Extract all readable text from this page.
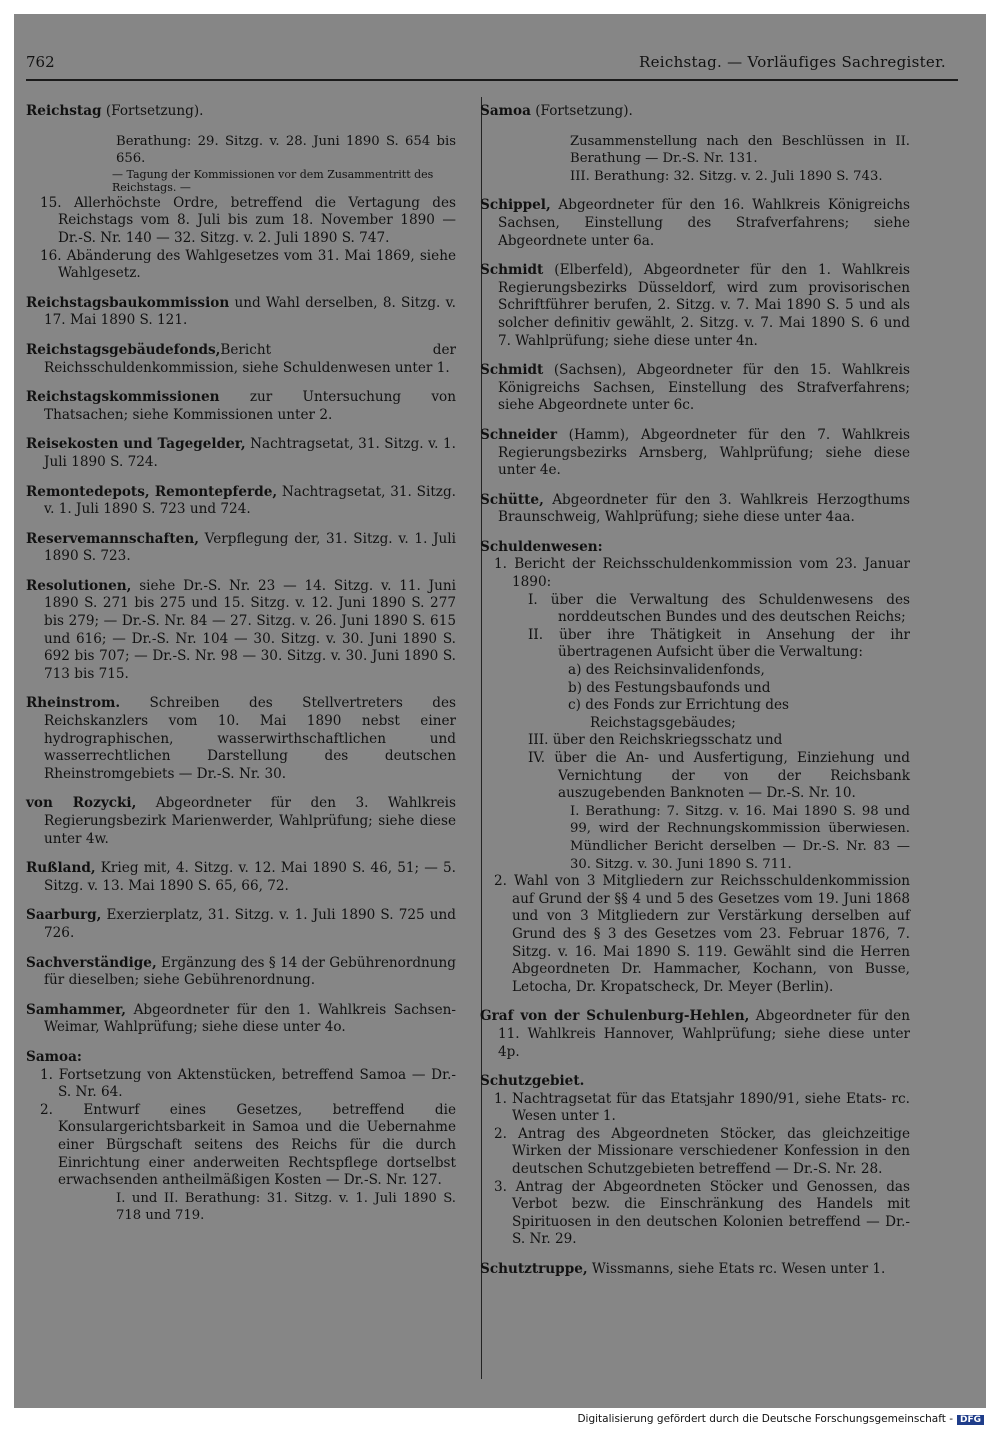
762	Reichstag. — Vorläufiges Sachregister.

Reichstag (Fortsetzung).

Berathung: 29. Sitzg. v. 28. Juni 1890 S. 654 bis 656.

— Tagung der Kommissionen vor dem Zusammentritt des Reichstags. —

15. Allerhöchste Ordre, betreffend die Vertagung des Reichstags vom 8. Juli bis zum 18. November 1890 — Dr.-S. Nr. 140 — 32. Sitzg. v. 2. Juli 1890 S. 747.

16. Abänderung des Wahlgesetzes vom 31. Mai 1869, siehe Wahlgesetz.

Reichstagsbaukommission und Wahl derselben, 8. Sitzg. v. 17. Mai 1890 S. 121.

Reichstagsgebäudefonds,Bericht der Reichsschuldenkommission, siehe Schuldenwesen unter 1.

Reichstagskommissionen zur Untersuchung von Thatsachen; siehe Kommissionen unter 2.

Reisekosten und Tagegelder, Nachtragsetat, 31. Sitzg. v. 1. Juli 1890 S. 724.

Remontedepots, Remontepferde, Nachtragsetat, 31. Sitzg. v. 1. Juli 1890 S. 723 und 724.

Reservemannschaften, Verpflegung der, 31. Sitzg. v. 1. Juli 1890 S. 723.

Resolutionen, siehe Dr.-S. Nr. 23 — 14. Sitzg. v. 11. Juni 1890 S. 271 bis 275 und 15. Sitzg. v. 12. Juni 1890 S. 277 bis 279; — Dr.-S. Nr. 84 — 27. Sitzg. v. 26. Juni 1890 S. 615 und 616; — Dr.-S. Nr. 104 — 30. Sitzg. v. 30. Juni 1890 S. 692 bis 707; — Dr.-S. Nr. 98 — 30. Sitzg. v. 30. Juni 1890 S. 713 bis 715.

Rheinstrom. Schreiben des Stellvertreters des Reichskanzlers vom 10. Mai 1890 nebst einer hydrographischen, wasserwirthschaftlichen und wasserrechtlichen Darstellung des deutschen Rheinstromgebiets — Dr.-S. Nr. 30.

von Rozycki, Abgeordneter für den 3. Wahlkreis Regierungsbezirk Marienwerder, Wahlprüfung; siehe diese unter 4w.

Rußland, Krieg mit, 4. Sitzg. v. 12. Mai 1890 S. 46, 51; — 5. Sitzg. v. 13. Mai 1890 S. 65, 66, 72.

Saarburg, Exerzierplatz, 31. Sitzg. v. 1. Juli 1890 S. 725 und 726.

Sachverständige, Ergänzung des § 14 der Gebührenordnung für dieselben; siehe Gebührenordnung.

Samhammer, Abgeordneter für den 1. Wahlkreis Sachsen-Weimar, Wahlprüfung; siehe diese unter 4o.

Samoa:

1. Fortsetzung von Aktenstücken, betreffend Samoa — Dr.-S. Nr. 64.

2. Entwurf eines Gesetzes, betreffend die Konsulargerichtsbarkeit in Samoa und die Uebernahme einer Bürgschaft seitens des Reichs für die durch Einrichtung einer anderweiten Rechtspflege dortselbst erwachsenden antheilmäßigen Kosten — Dr.-S. Nr. 127.

I. und II. Berathung: 31. Sitzg. v. 1. Juli 1890 S. 718 und 719.

Samoa (Fortsetzung).

Zusammenstellung nach den Beschlüssen in II. Berathung — Dr.-S. Nr. 131.

III. Berathung: 32. Sitzg. v. 2. Juli 1890 S. 743.

Schippel, Abgeordneter für den 16. Wahlkreis Königreichs Sachsen, Einstellung des Strafverfahrens; siehe Abgeordnete unter 6a.

Schmidt (Elberfeld), Abgeordneter für den 1. Wahlkreis Regierungsbezirks Düsseldorf, wird zum provisorischen Schriftführer berufen, 2. Sitzg. v. 7. Mai 1890 S. 5 und als solcher definitiv gewählt, 2. Sitzg. v. 7. Mai 1890 S. 6 und 7. Wahlprüfung; siehe diese unter 4n.

Schmidt (Sachsen), Abgeordneter für den 15. Wahlkreis Königreichs Sachsen, Einstellung des Strafverfahrens; siehe Abgeordnete unter 6c.

Schneider (Hamm), Abgeordneter für den 7. Wahlkreis Regierungsbezirks Arnsberg, Wahlprüfung; siehe diese unter 4e.

Schütte, Abgeordneter für den 3. Wahlkreis Herzogthums Braunschweig, Wahlprüfung; siehe diese unter 4aa.

Schuldenwesen:

1. Bericht der Reichsschuldenkommission vom 23. Januar 1890:

I. über die Verwaltung des Schuldenwesens des norddeutschen Bundes und des deutschen Reichs;

II. über ihre Thätigkeit in Ansehung der ihr übertragenen Aufsicht über die Verwaltung:

a) des Reichsinvalidenfonds,

b) des Festungsbaufonds und

c) des Fonds zur Errichtung des Reichstagsgebäudes;

III. über den Reichskriegsschatz und

IV. über die An- und Ausfertigung, Einziehung und Vernichtung der von der Reichsbank auszugebenden Banknoten — Dr.-S. Nr. 10.

I. Berathung: 7. Sitzg. v. 16. Mai 1890 S. 98 und 99, wird der Rechnungskommission überwiesen. Mündlicher Bericht derselben — Dr.-S. Nr. 83 — 30. Sitzg. v. 30. Juni 1890 S. 711.

2. Wahl von 3 Mitgliedern zur Reichsschuldenkommission auf Grund der §§ 4 und 5 des Gesetzes vom 19. Juni 1868 und von 3 Mitgliedern zur Verstärkung derselben auf Grund des § 3 des Gesetzes vom 23. Februar 1876, 7. Sitzg. v. 16. Mai 1890 S. 119. Gewählt sind die Herren Abgeordneten Dr. Hammacher, Kochann, von Busse, Letocha, Dr. Kropatscheck, Dr. Meyer (Berlin).

Graf von der Schulenburg-Hehlen, Abgeordneter für den 11. Wahlkreis Hannover, Wahlprüfung; siehe diese unter 4p.

Schutzgebiet.

1. Nachtragsetat für das Etatsjahr 1890/91, siehe Etats- rc. Wesen unter 1.

2. Antrag des Abgeordneten Stöcker, das gleichzeitige Wirken der Missionare verschiedener Konfession in den deutschen Schutzgebieten betreffend — Dr.-S. Nr. 28.

3. Antrag der Abgeordneten Stöcker und Genossen, das Verbot bezw. die Einschränkung des Handels mit Spirituosen in den deutschen Kolonien betreffend — Dr.-S. Nr. 29.

Schutztruppe, Wissmanns, siehe Etats rc. Wesen unter 1.

Digitalisierung gefördert durch die Deutsche Forschungsgemeinschaft - DFG
